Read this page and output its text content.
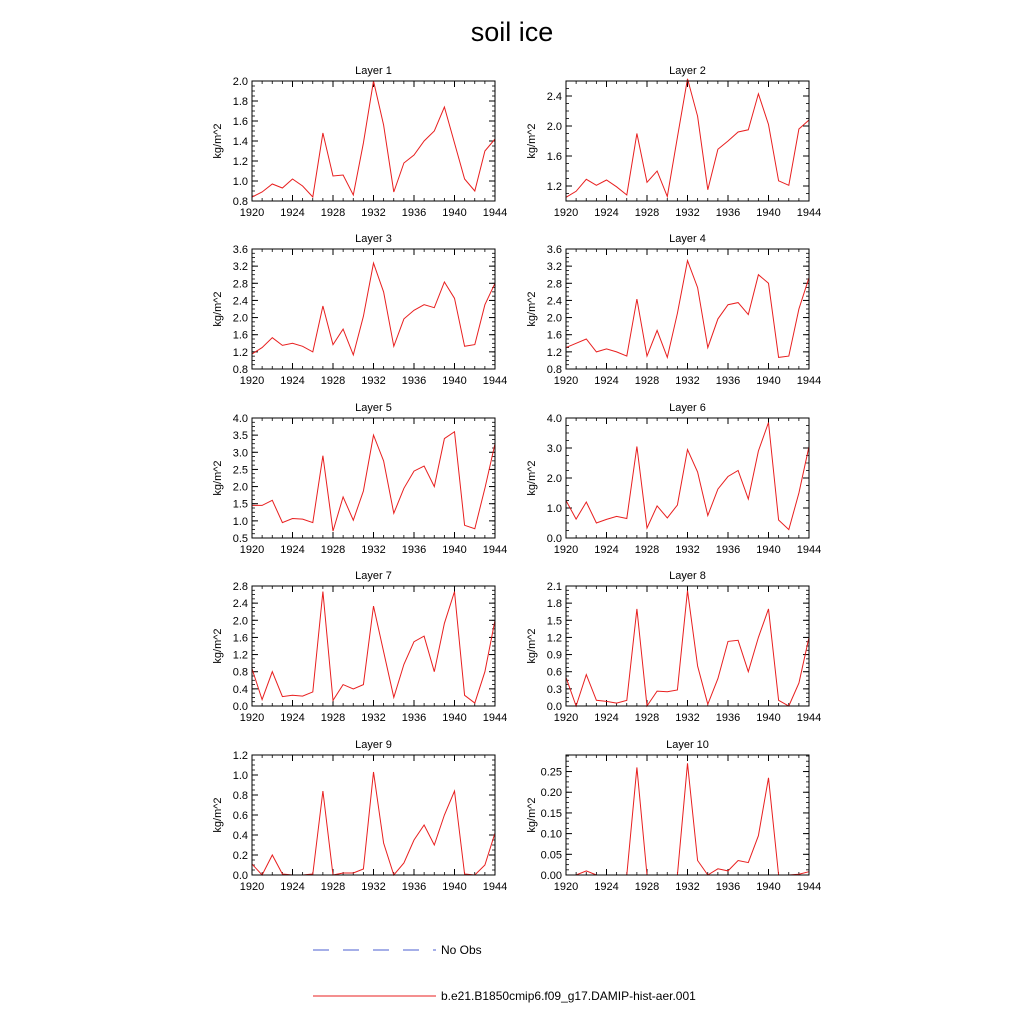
soil ice
Layer 1
1920 1924 1928 1932 1936 1940 1944
0.8
1.0
1.2
1.4
1.6
1.8
2.0
kg/m^2
Layer 2
1920 1924 1928 1932 1936 1940 1944
1.2
1.6
2.0
2.4
kg/m^2
Layer 3
1920 1924 1928 1932 1936 1940 1944
0.8
1.2
1.6
2.0
2.4
2.8
3.2
3.6
kg/m^2
Layer 4
1920 1924 1928 1932 1936 1940 1944
0.8
1.2
1.6
2.0
2.4
2.8
3.2
3.6
kg/m^2
Layer 5
1920 1924 1928 1932 1936 1940 1944
0.5
1.0
1.5
2.0
2.5
3.0
3.5
4.0
kg/m^2
Layer 6
1920 1924 1928 1932 1936 1940 1944
0.0
1.0
2.0
3.0
4.0
kg/m^2
Layer 7
1920 1924 1928 1932 1936 1940 1944
0.0
0.4
0.8
1.2
1.6
2.0
2.4
2.8
kg/m^2
Layer 8
1920 1924 1928 1932 1936 1940 1944
0.0
0.3
0.6
0.9
1.2
1.5
1.8
2.1
kg/m^2
Layer 9
1920 1924 1928 1932 1936 1940 1944
0.0
0.2
0.4
0.6
0.8
1.0
1.2
kg/m^2
Layer 10
1920 1924 1928 1932 1936 1940 1944
0.00
0.05
0.10
0.15
0.20
0.25
kg/m^2
No Obs
b.e21.B1850cmip6.f09_g17.DAMIP-hist-aer.001
